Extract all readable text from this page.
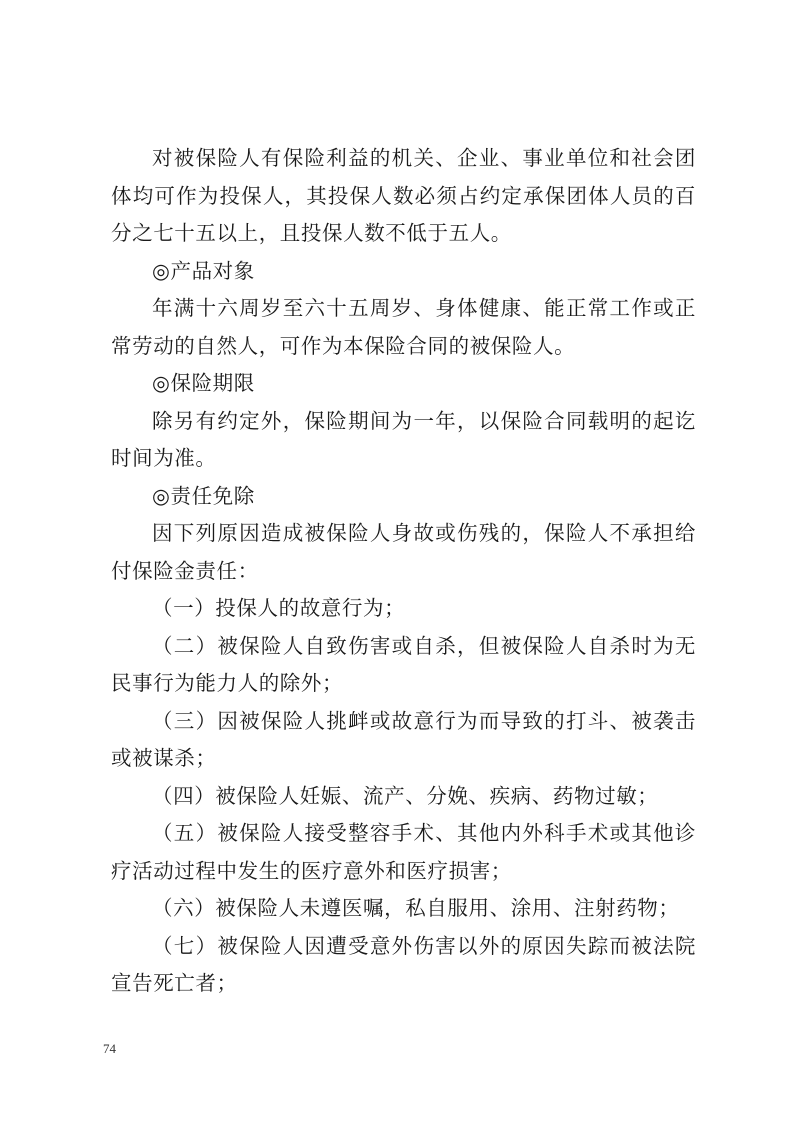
对被保险人有保险利益的机关、企业、事业单位和社会团体均可作为投保人，其投保人数必须占约定承保团体人员的百分之七十五以上，且投保人数不低于五人。

◎产品对象

年满十六周岁至六十五周岁、身体健康、能正常工作或正常劳动的自然人，可作为本保险合同的被保险人。

◎保险期限

除另有约定外，保险期间为一年，以保险合同载明的起讫时间为准。

◎责任免除

因下列原因造成被保险人身故或伤残的，保险人不承担给付保险金责任：

（一）投保人的故意行为；

（二）被保险人自致伤害或自杀，但被保险人自杀时为无民事行为能力人的除外；

（三）因被保险人挑衅或故意行为而导致的打斗、被袭击或被谋杀；

（四）被保险人妊娠、流产、分娩、疾病、药物过敏；

（五）被保险人接受整容手术、其他内外科手术或其他诊疗活动过程中发生的医疗意外和医疗损害；

（六）被保险人未遵医嘱，私自服用、涂用、注射药物；

（七）被保险人因遭受意外伤害以外的原因失踪而被法院宣告死亡者；

74
